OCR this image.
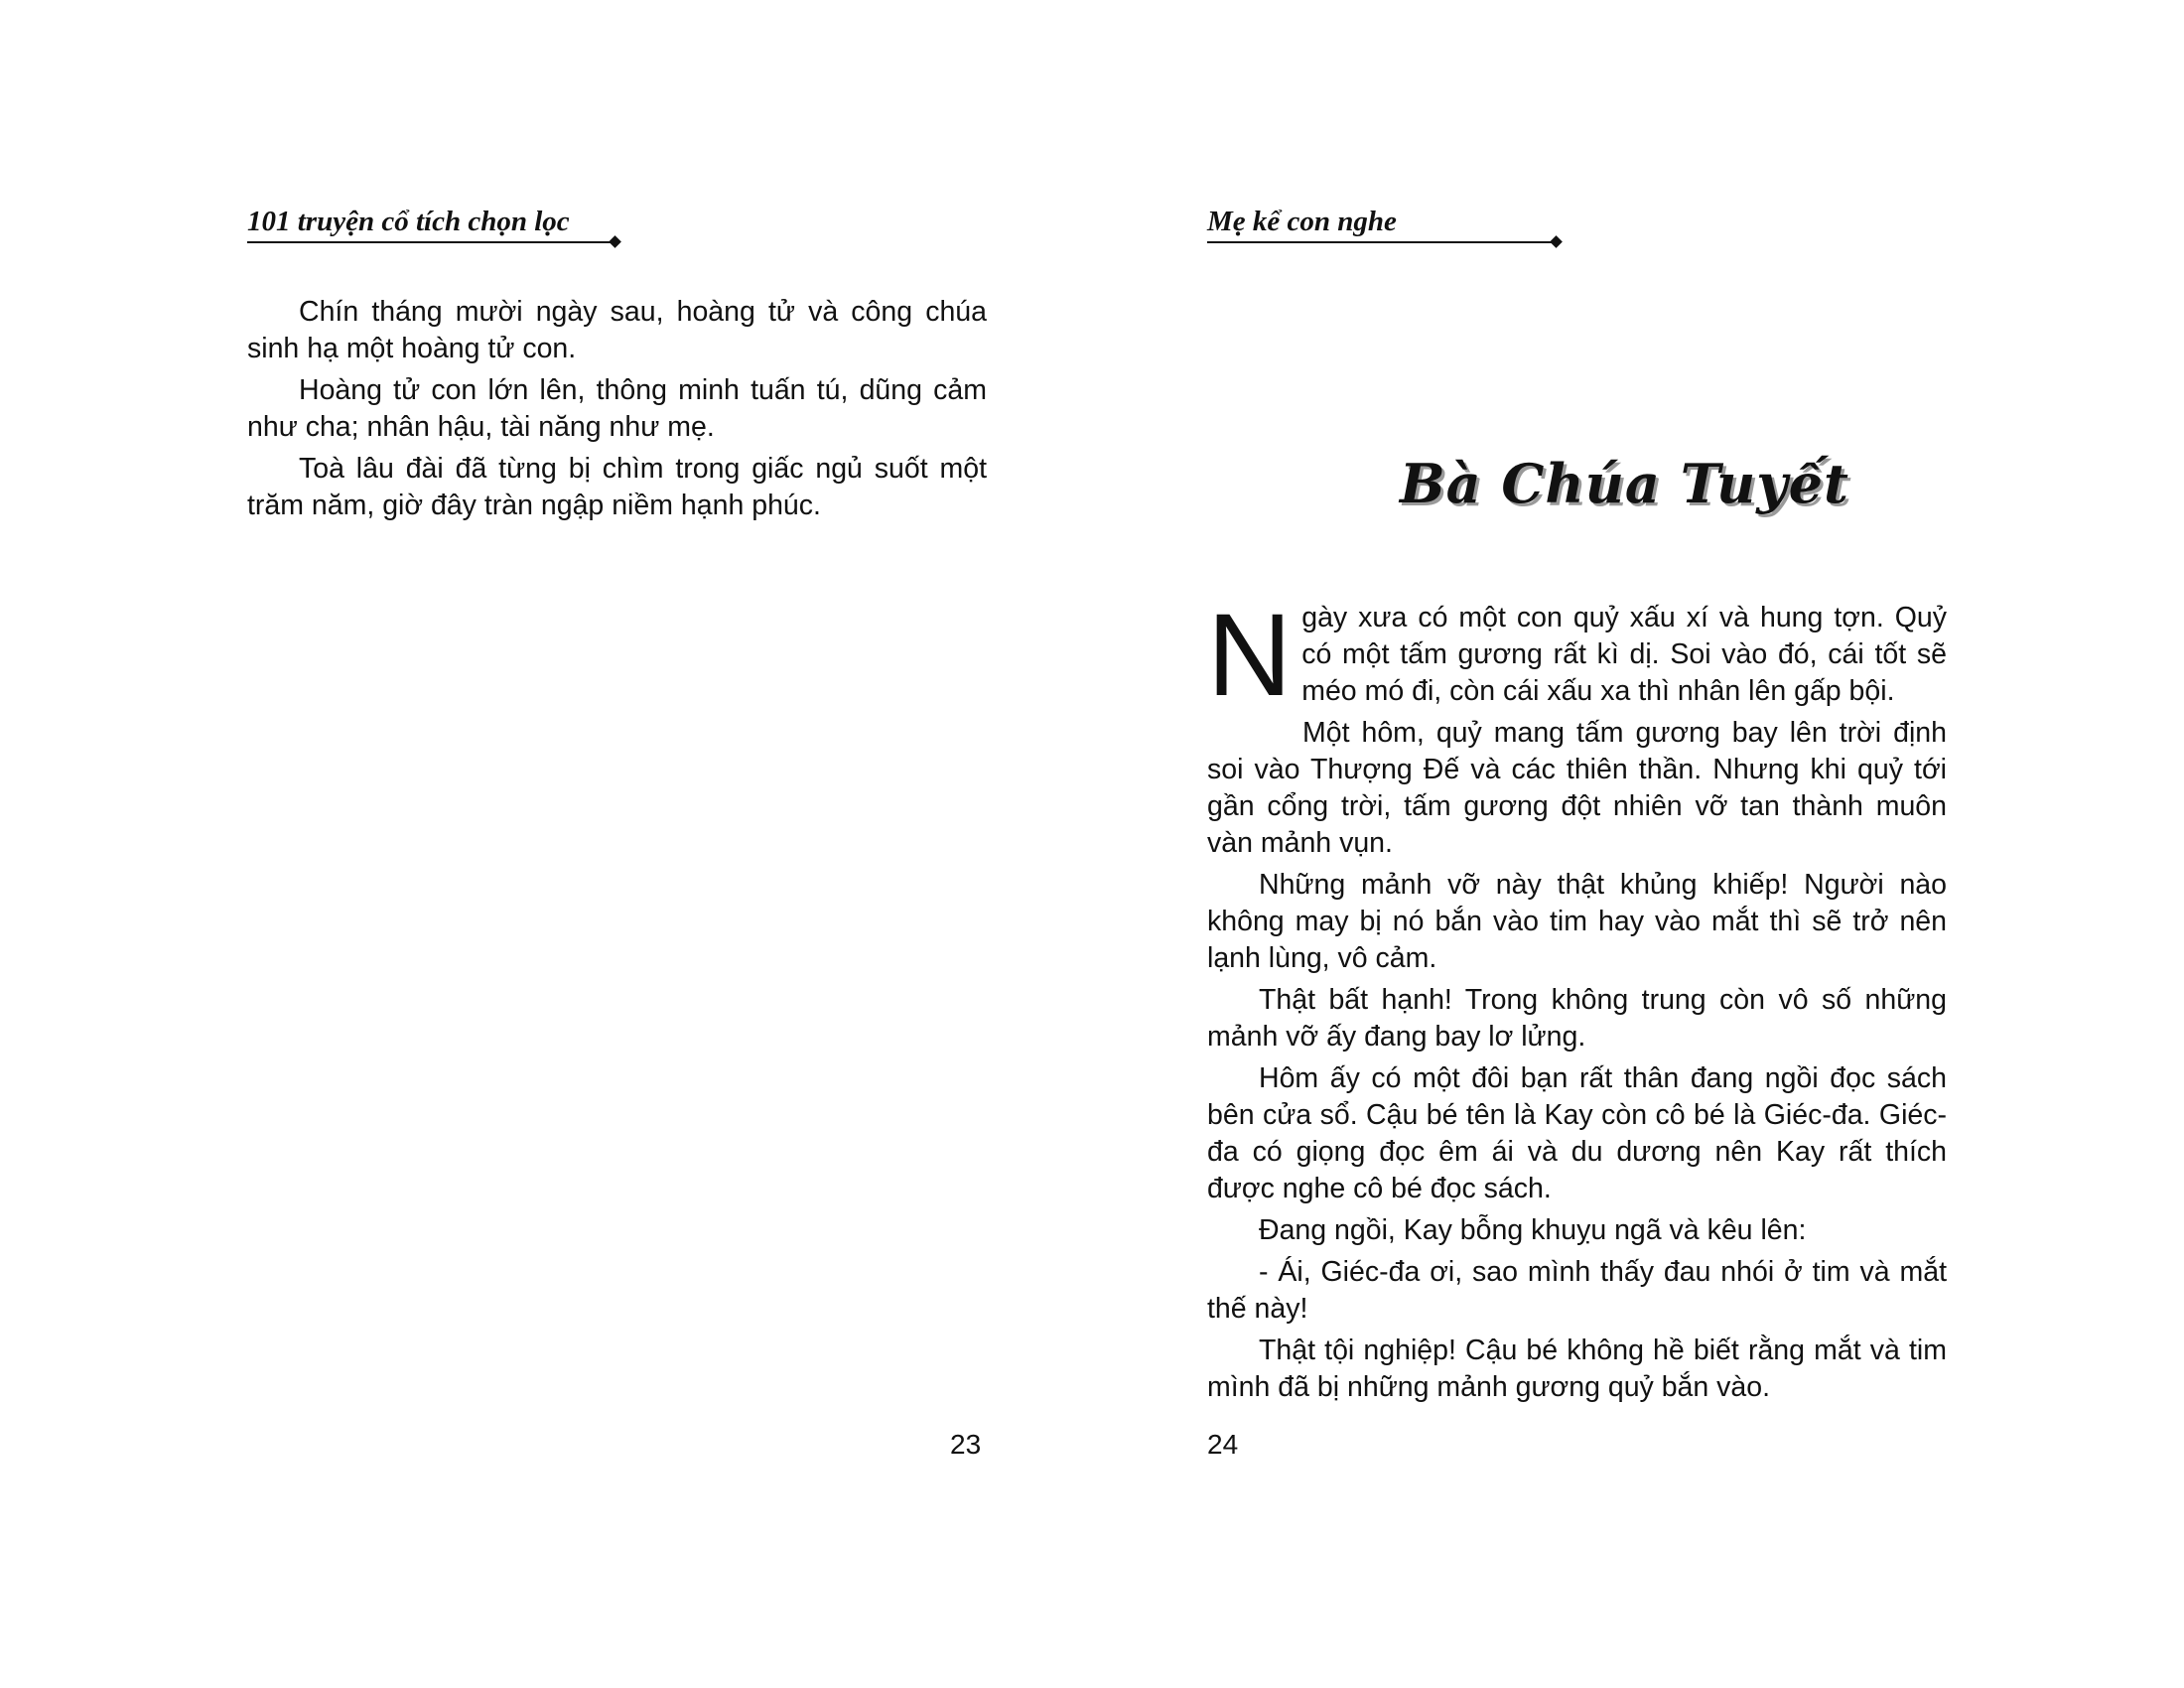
101 truyện cổ tích chọn lọc

Chín tháng mười ngày sau, hoàng tử và công chúa sinh hạ một hoàng tử con.

Hoàng tử con lớn lên, thông minh tuấn tú, dũng cảm như cha; nhân hậu, tài năng như mẹ.

Toà lâu đài đã từng bị chìm trong giấc ngủ suốt một trăm năm, giờ đây tràn ngập niềm hạnh phúc.

23
Mẹ kể con nghe
Bà Chúa Tuyết

Ngày xưa có một con quỷ xấu xí và hung tợn. Quỷ có một tấm gương rất kì dị. Soi vào đó, cái tốt sẽ méo mó đi, còn cái xấu xa thì nhân lên gấp bội.

Một hôm, quỷ mang tấm gương bay lên trời định soi vào Thượng Đế và các thiên thần. Nhưng khi quỷ tới gần cổng trời, tấm gương đột nhiên vỡ tan thành muôn vàn mảnh vụn.

Những mảnh vỡ này thật khủng khiếp! Người nào không may bị nó bắn vào tim hay vào mắt thì sẽ trở nên lạnh lùng, vô cảm.

Thật bất hạnh! Trong không trung còn vô số những mảnh vỡ ấy đang bay lơ lửng.

Hôm ấy có một đôi bạn rất thân đang ngồi đọc sách bên cửa sổ. Cậu bé tên là Kay còn cô bé là Giéc-đa. Giéc-đa có giọng đọc êm ái và du dương nên Kay rất thích được nghe cô bé đọc sách.

Đang ngồi, Kay bỗng khuỵu ngã và kêu lên:

- Ái, Giéc-đa ơi, sao mình thấy đau nhói ở tim và mắt thế này!

Thật tội nghiệp! Cậu bé không hề biết rằng mắt và tim mình đã bị những mảnh gương quỷ bắn vào.

24
